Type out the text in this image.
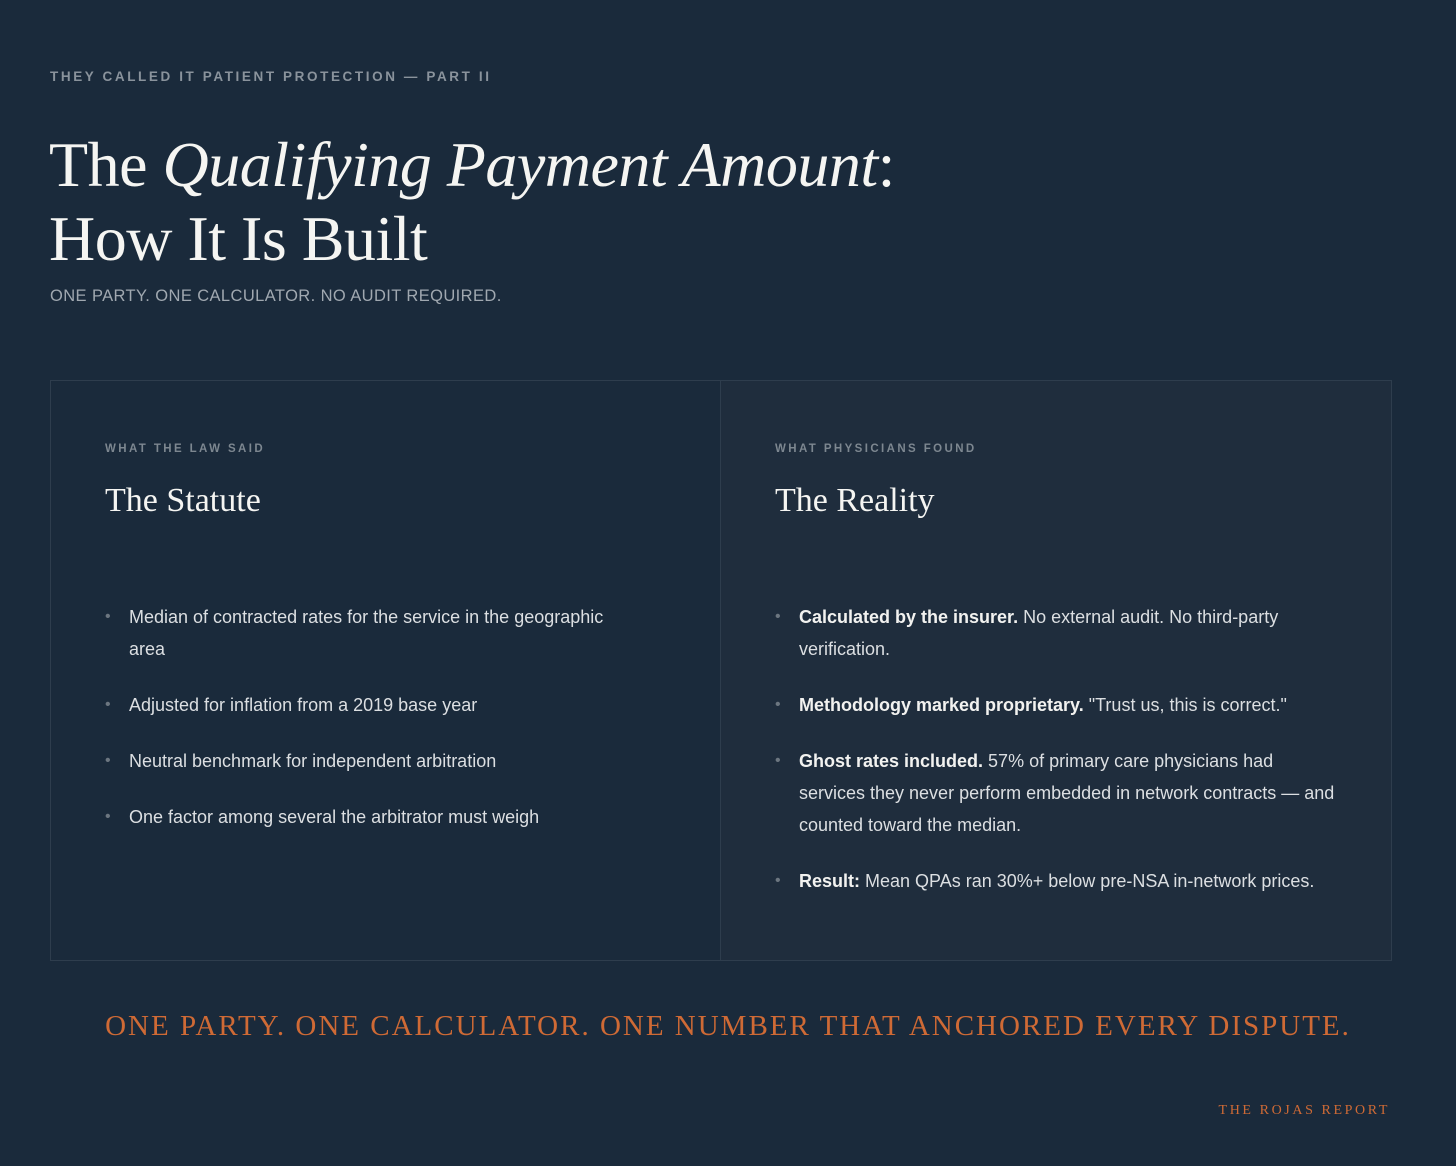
THEY CALLED IT PATIENT PROTECTION — PART II

The Qualifying Payment Amount:
How It Is Built

ONE PARTY. ONE CALCULATOR. NO AUDIT REQUIRED.

WHAT THE LAW SAID

The Statute
• Median of contracted rates for the service in the geographic area
• Adjusted for inflation from a 2019 base year
• Neutral benchmark for independent arbitration
• One factor among several the arbitrator must weigh

WHAT PHYSICIANS FOUND

The Reality
• Calculated by the insurer. No external audit. No third-party verification.
• Methodology marked proprietary. "Trust us, this is correct."
• Ghost rates included. 57% of primary care physicians had services they never perform embedded in network contracts — and counted toward the median.
• Result: Mean QPAs ran 30%+ below pre-NSA in-network prices.

ONE PARTY. ONE CALCULATOR. ONE NUMBER THAT ANCHORED EVERY DISPUTE.

THE ROJAS REPORT
